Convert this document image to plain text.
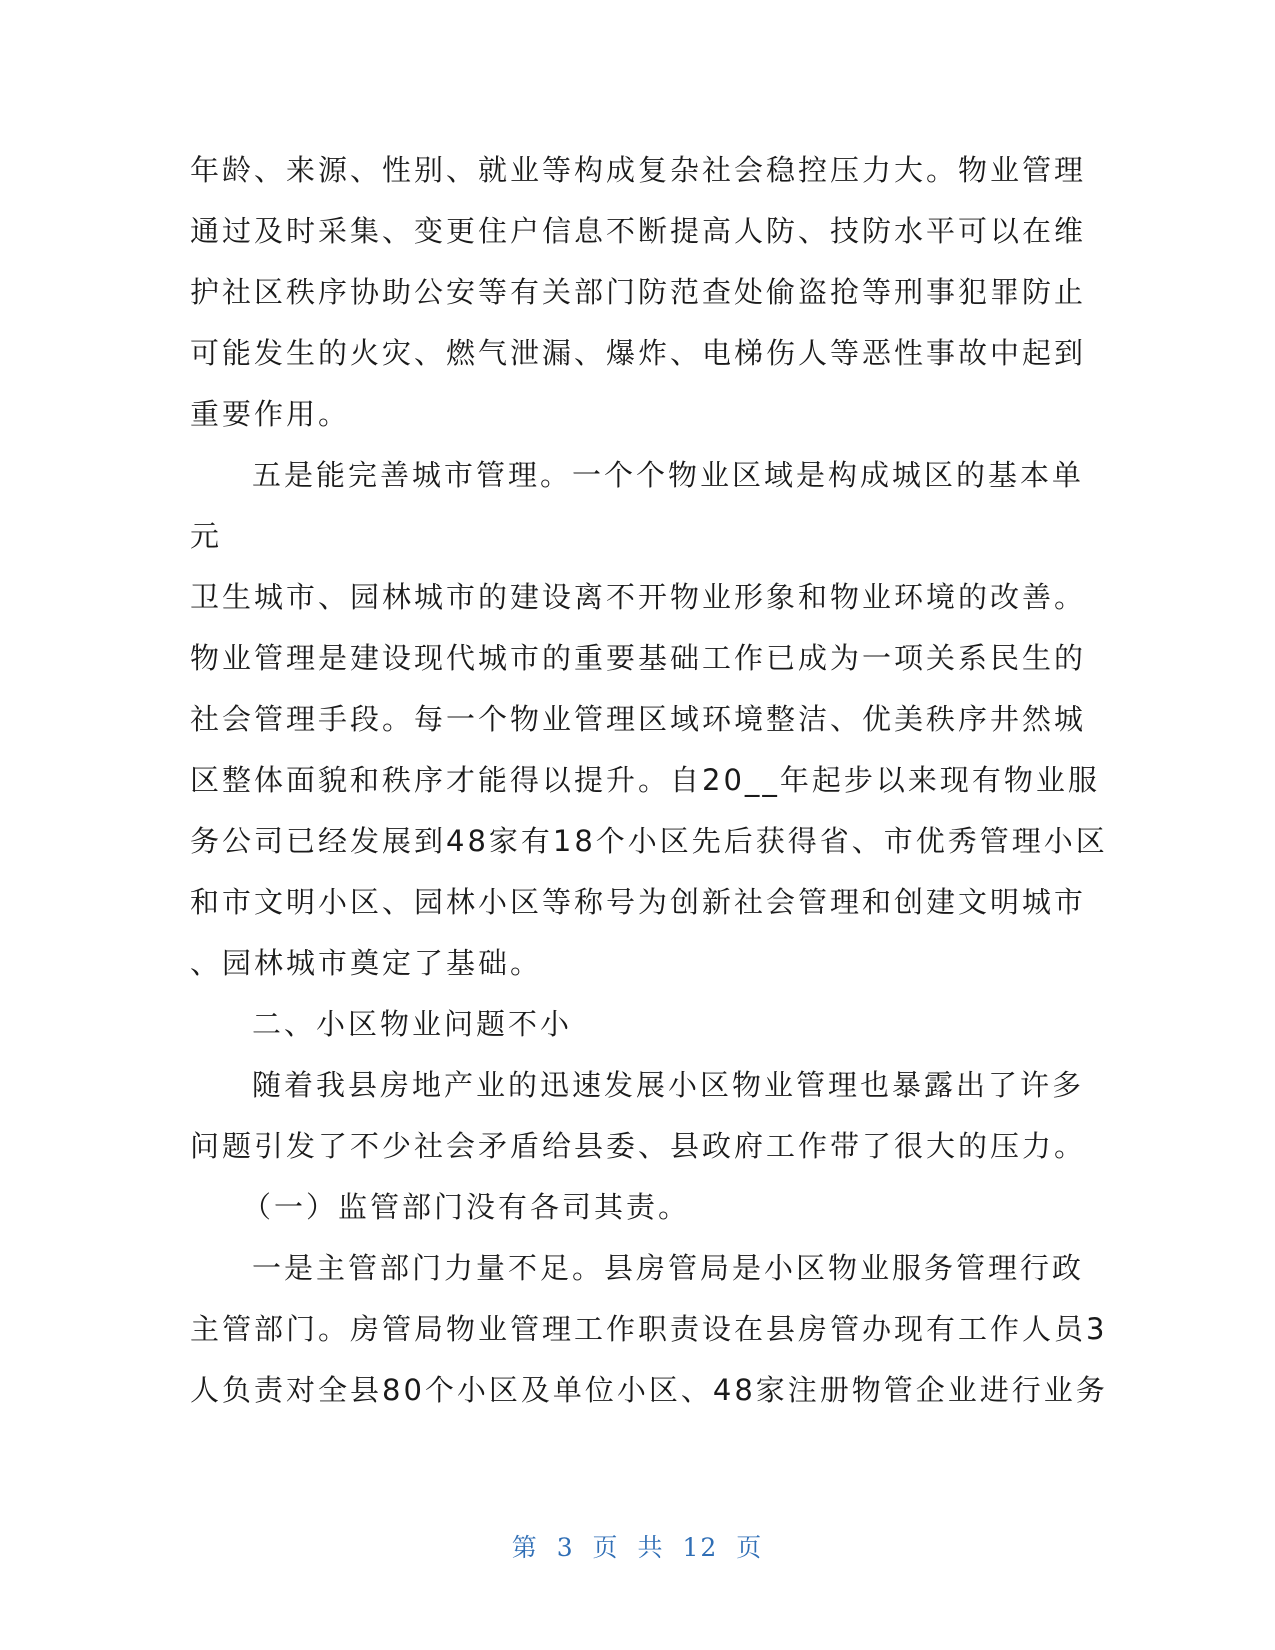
年龄、来源、性别、就业等构成复杂社会稳控压力大。物业管理
通过及时采集、变更住户信息不断提高人防、技防水平可以在维
护社区秩序协助公安等有关部门防范查处偷盗抢等刑事犯罪防止
可能发生的火灾、燃气泄漏、爆炸、电梯伤人等恶性事故中起到
重要作用。
五是能完善城市管理。一个个物业区域是构成城区的基本单
元
卫生城市、园林城市的建设离不开物业形象和物业环境的改善。
物业管理是建设现代城市的重要基础工作已成为一项关系民生的
社会管理手段。每一个物业管理区域环境整洁、优美秩序井然城
区整体面貌和秩序才能得以提升。自20__年起步以来现有物业服
务公司已经发展到48家有18个小区先后获得省、市优秀管理小区
和市文明小区、园林小区等称号为创新社会管理和创建文明城市
、园林城市奠定了基础。
二、小区物业问题不小
随着我县房地产业的迅速发展小区物业管理也暴露出了许多
问题引发了不少社会矛盾给县委、县政府工作带了很大的压力。
（一）监管部门没有各司其责。
一是主管部门力量不足。县房管局是小区物业服务管理行政
主管部门。房管局物业管理工作职责设在县房管办现有工作人员3
人负责对全县80个小区及单位小区、48家注册物管企业进行业务
第 3 页 共 12 页
